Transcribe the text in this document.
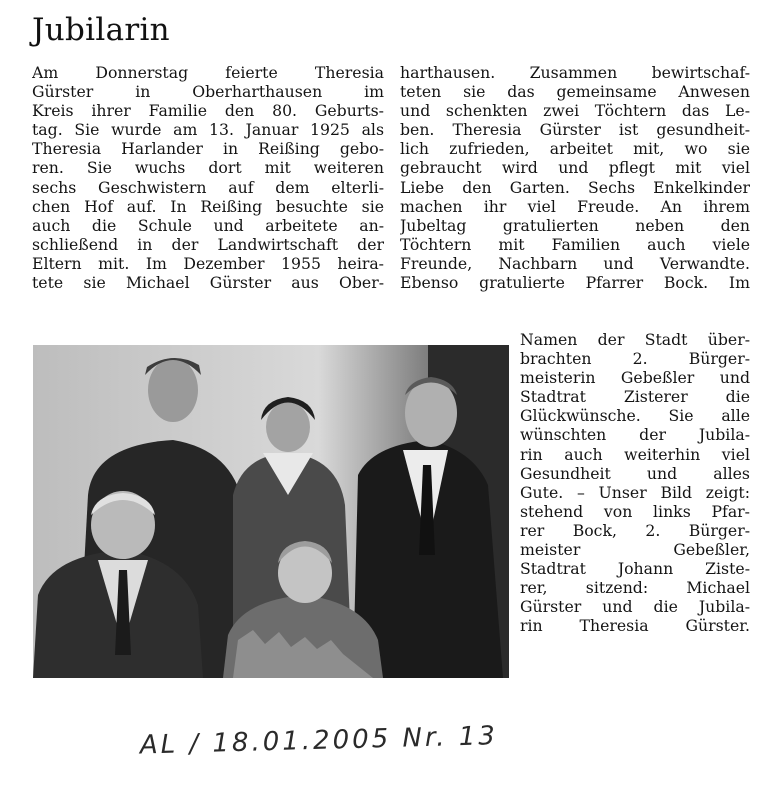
Jubilarin
Am Donnerstag feierte Theresia
Gürster in Oberharthausen im
Kreis ihrer Familie den 80. Geburts-
tag. Sie wurde am 13. Januar 1925 als
Theresia Harlander in Reißing gebo-
ren. Sie wuchs dort mit weiteren
sechs Geschwistern auf dem elterli-
chen Hof auf. In Reißing besuchte sie
auch die Schule und arbeitete an-
schließend in der Landwirtschaft der
Eltern mit. Im Dezember 1955 heira-
tete sie Michael Gürster aus Ober-
harthausen. Zusammen bewirtschaf-
teten sie das gemeinsame Anwesen
und schenkten zwei Töchtern das Le-
ben. Theresia Gürster ist gesundheit-
lich zufrieden, arbeitet mit, wo sie
gebraucht wird und pflegt mit viel
Liebe den Garten. Sechs Enkelkinder
machen ihr viel Freude. An ihrem
Jubeltag gratulierten neben den
Töchtern mit Familien auch viele
Freunde, Nachbarn und Verwandte.
Ebenso gratulierte Pfarrer Bock. Im
Namen der Stadt über-
brachten 2. Bürger-
meisterin Gebeßler und
Stadtrat Zisterer die
Glückwünsche. Sie alle
wünschten der Jubila-
rin auch weiterhin viel
Gesundheit und alles
Gute. – Unser Bild zeigt:
stehend von links Pfar-
rer Bock, 2. Bürger-
meister Gebeßler,
Stadtrat Johann Ziste-
rer, sitzend: Michael
Gürster und die Jubila-
rin Theresia Gürster.
AL / 18.01.2005 Nr. 13
